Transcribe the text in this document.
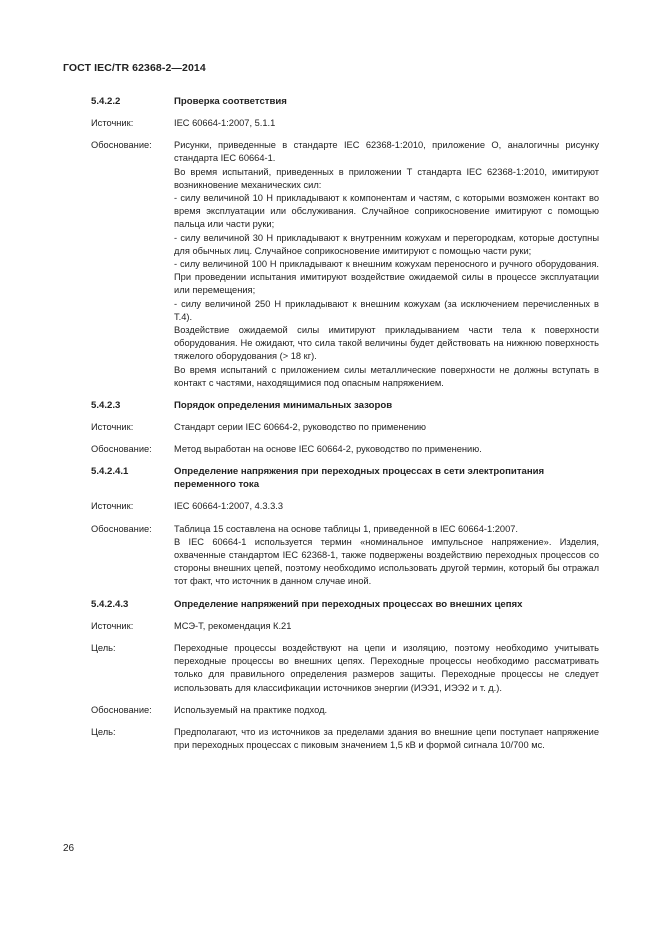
ГОСТ IEC/TR 62368-2—2014
5.4.2.2	Проверка соответствия
Источник:	IEC 60664-1:2007, 5.1.1

Обоснование:	Рисунки, приведенные в стандарте IEC 62368-1:2010, приложение О, аналогичны рисунку стандарта IEC 60664-1.

Во время испытаний, приведенных в приложении Т стандарта IEC 62368-1:2010, имитируют возникновение механических сил:

- силу величиной 10 Н прикладывают к компонентам и частям, с которыми возможен контакт во время эксплуатации или обслуживания. Случайное соприкосновение имитируют с помощью пальца или части руки;

- силу величиной 30 Н прикладывают к внутренним кожухам и перегородкам, которые доступны для обычных лиц. Случайное соприкосновение имитируют с помощью части руки;

- силу величиной 100 Н прикладывают к внешним кожухам переносного и ручного оборудования. При проведении испытания имитируют воздействие ожидаемой силы в процессе эксплуатации или перемещения;

- силу величиной 250 Н прикладывают к внешним кожухам (за исключением перечисленных в Т.4).

Воздействие ожидаемой силы имитируют прикладыванием части тела к поверхности оборудования. Не ожидают, что сила такой величины будет действовать на нижнюю поверхность тяжелого оборудования (> 18 кг).

Во время испытаний с приложением силы металлические поверхности не должны вступать в контакт с частями, находящимися под опасным напряжением.

5.4.2.3	Порядок определения минимальных зазоров
Источник:	Стандарт серии IEC 60664-2, руководство по применению

Обоснование:	Метод выработан на основе IEC 60664-2, руководство по применению.

5.4.2.4.1	Определение напряжения при переходных процессах в сети электропитания переменного тока
Источник:	IEC 60664-1:2007, 4.3.3.3

Обоснование:	Таблица 15 составлена на основе таблицы 1, приведенной в IEC 60664-1:2007.

В IEC 60664-1 используется термин «номинальное импульсное напряжение». Изделия, охваченные стандартом IEC 62368-1, также подвержены воздействию переходных процессов со стороны внешних цепей, поэтому необходимо использовать другой термин, который бы отражал тот факт, что источник в данном случае иной.

5.4.2.4.3	Определение напряжений при переходных процессах во внешних цепях
Источник:	МСЭ-Т, рекомендация К.21

Цель:	Переходные процессы воздействуют на цепи и изоляцию, поэтому необходимо учитывать переходные процессы во внешних цепях. Переходные процессы необходимо рассматривать только для правильного определения размеров защиты. Переходные процессы не следует использовать для классификации источников энергии (ИЭЭ1, ИЭЭ2 и т. д.).

Обоснование:	Используемый на практике подход.

Цель:	Предполагают, что из источников за пределами здания во внешние цепи поступает напряжение при переходных процессах с пиковым значением 1,5 кВ и формой сигнала 10/700 мс.

26
